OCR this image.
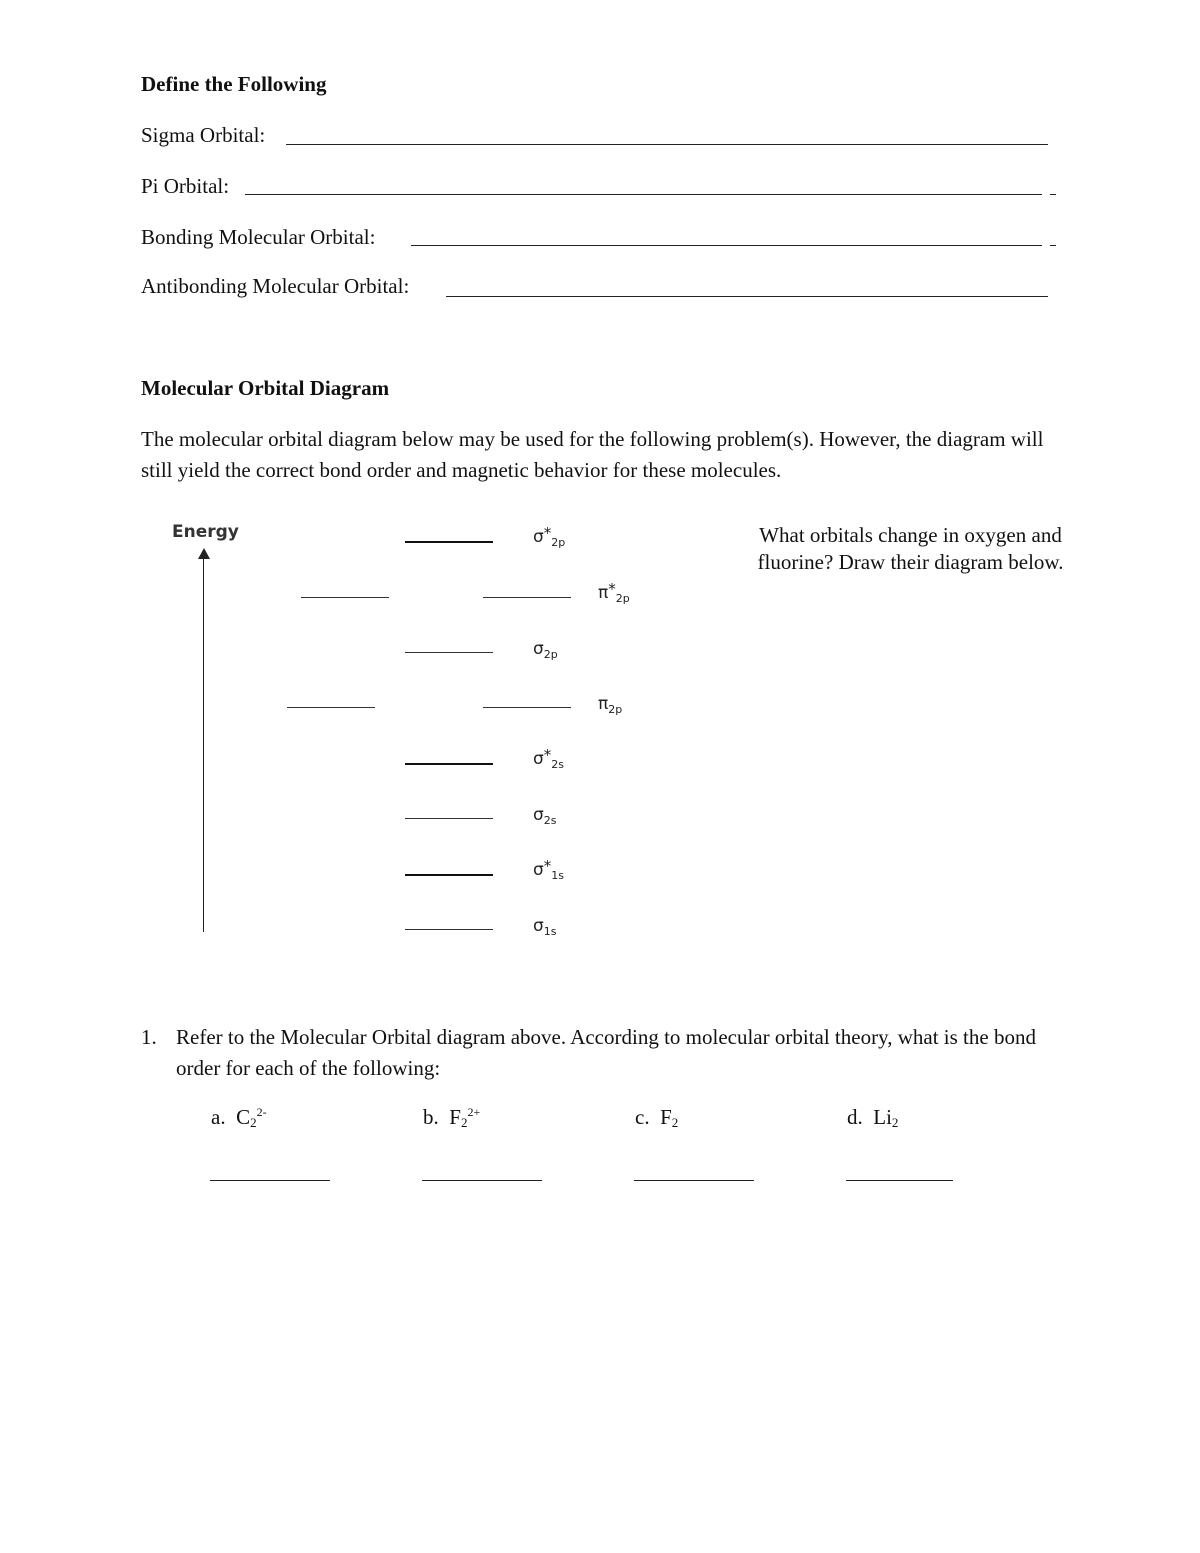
Define the Following
Sigma Orbital:
Pi Orbital:
Bonding Molecular Orbital:
Antibonding Molecular Orbital:
Molecular Orbital Diagram
The molecular orbital diagram below may be used for the following problem(s). However, the diagram will still yield the correct bond order and magnetic behavior for these molecules.
Energy	$\sigma*_{2p}$
$\pi*_{2p}$
$\sigma_{2p}$
$\pi_{2p}$
$\sigma*_{2s}$
$\sigma_{2s}$
$\sigma*_{1s}$
$\sigma_{1s}$
What orbitals change in oxygen and fluorine? Draw their diagram below.
1. Refer to the Molecular Orbital diagram above. According to molecular orbital theory, what is the bond order for each of the following:
a. $C_2^{2-}$	b. $F_2^{2+}$	c. $F_2$	d. $Li_2$
